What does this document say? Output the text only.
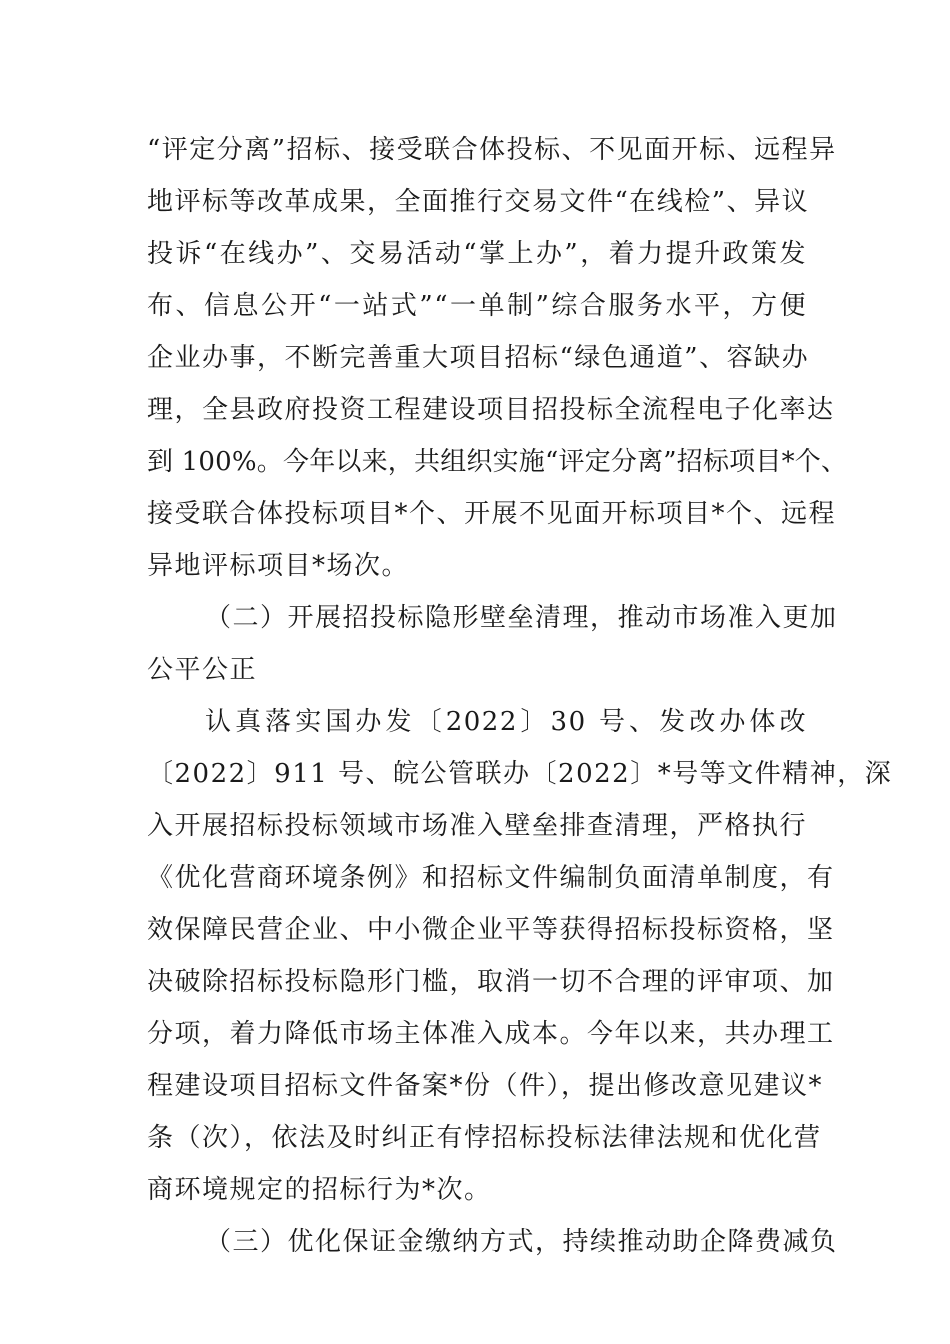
“评定分离”招标、接受联合体投标、不见面开标、远程异
地评标等改革成果，全面推行交易文件“在线检”、异议
投诉“在线办”、交易活动“掌上办”，着力提升政策发
布、信息公开“一站式”“一单制”综合服务水平，方便
企业办事，不断完善重大项目招标“绿色通道”、容缺办
理，全县政府投资工程建设项目招投标全流程电子化率达
到 100%。今年以来，共组织实施“评定分离”招标项目*个、
接受联合体投标项目*个、开展不见面开标项目*个、远程
异地评标项目*场次。
（二）开展招投标隐形壁垒清理，推动市场准入更加
公平公正
认真落实国办发〔2022〕30 号、发改办体改
〔2022〕911 号、皖公管联办〔2022〕*号等文件精神，深
入开展招标投标领域市场准入壁垒排查清理，严格执行
《优化营商环境条例》和招标文件编制负面清单制度，有
效保障民营企业、中小微企业平等获得招标投标资格，坚
决破除招标投标隐形门槛，取消一切不合理的评审项、加
分项，着力降低市场主体准入成本。今年以来，共办理工
程建设项目招标文件备案*份（件），提出修改意见建议*
条（次），依法及时纠正有悖招标投标法律法规和优化营
商环境规定的招标行为*次。
（三）优化保证金缴纳方式，持续推动助企降费减负
